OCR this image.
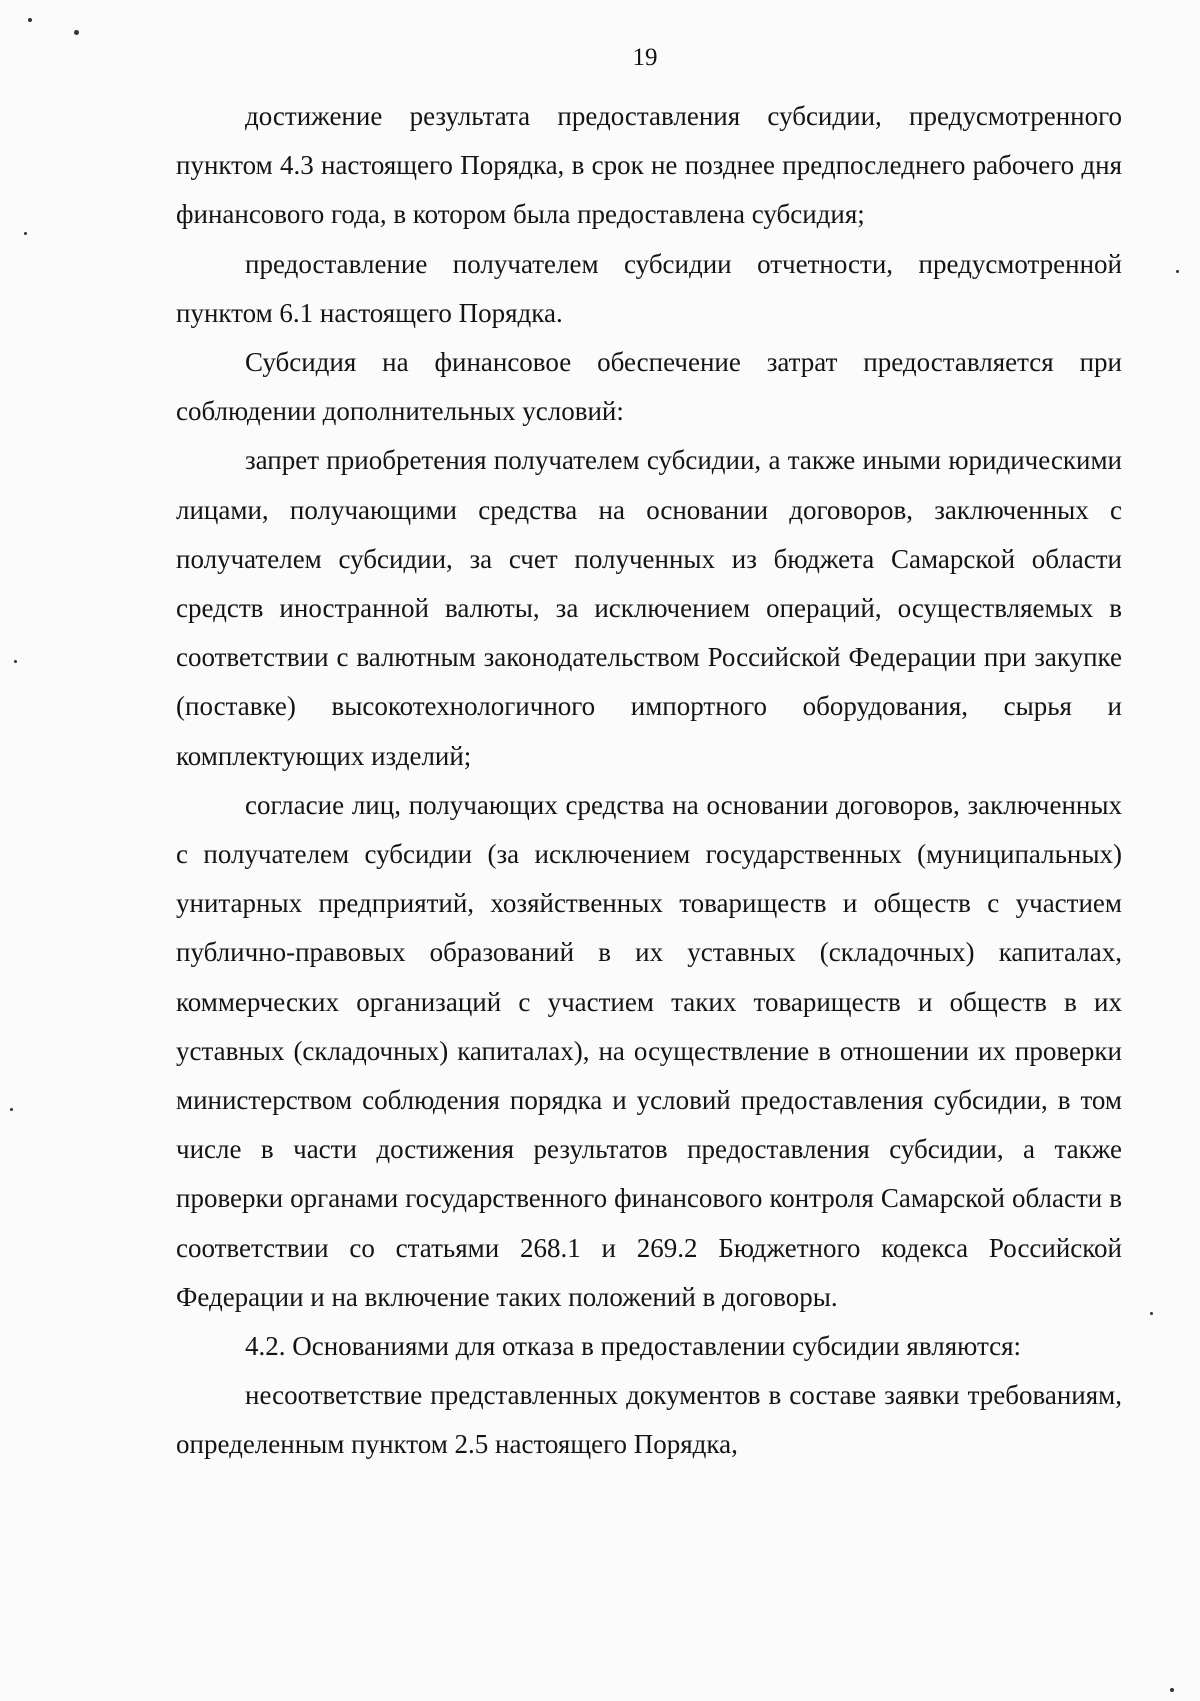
19

достижение результата предоставления субсидии, предусмотренного пунктом 4.3 настоящего Порядка, в срок не позднее предпоследнего рабочего дня финансового года, в котором была предоставлена субсидия;

предоставление получателем субсидии отчетности, предусмотренной пунктом 6.1 настоящего Порядка.

Субсидия на финансовое обеспечение затрат предоставляется при соблюдении дополнительных условий:

запрет приобретения получателем субсидии, а также иными юридическими лицами, получающими средства на основании договоров, заключенных с получателем субсидии, за счет полученных из бюджета Самарской области средств иностранной валюты, за исключением операций, осуществляемых в соответствии с валютным законодательством Российской Федерации при закупке (поставке) высокотехнологичного импортного оборудования, сырья и комплектующих изделий;

согласие лиц, получающих средства на основании договоров, заключенных с получателем субсидии (за исключением государственных (муниципальных) унитарных предприятий, хозяйственных товариществ и обществ с участием публично-правовых образований в их уставных (складочных) капиталах, коммерческих организаций с участием таких товариществ и обществ в их уставных (складочных) капиталах), на осуществление в отношении их проверки министерством соблюдения порядка и условий предоставления субсидии, в том числе в части достижения результатов предоставления субсидии, а также проверки органами государственного финансового контроля Самарской области в соответствии со статьями 268.1 и 269.2 Бюджетного кодекса Российской Федерации и на включение таких положений в договоры.

4.2. Основаниями для отказа в предоставлении субсидии являются:

несоответствие представленных документов в составе заявки требованиям, определенным пунктом 2.5 настоящего Порядка,
